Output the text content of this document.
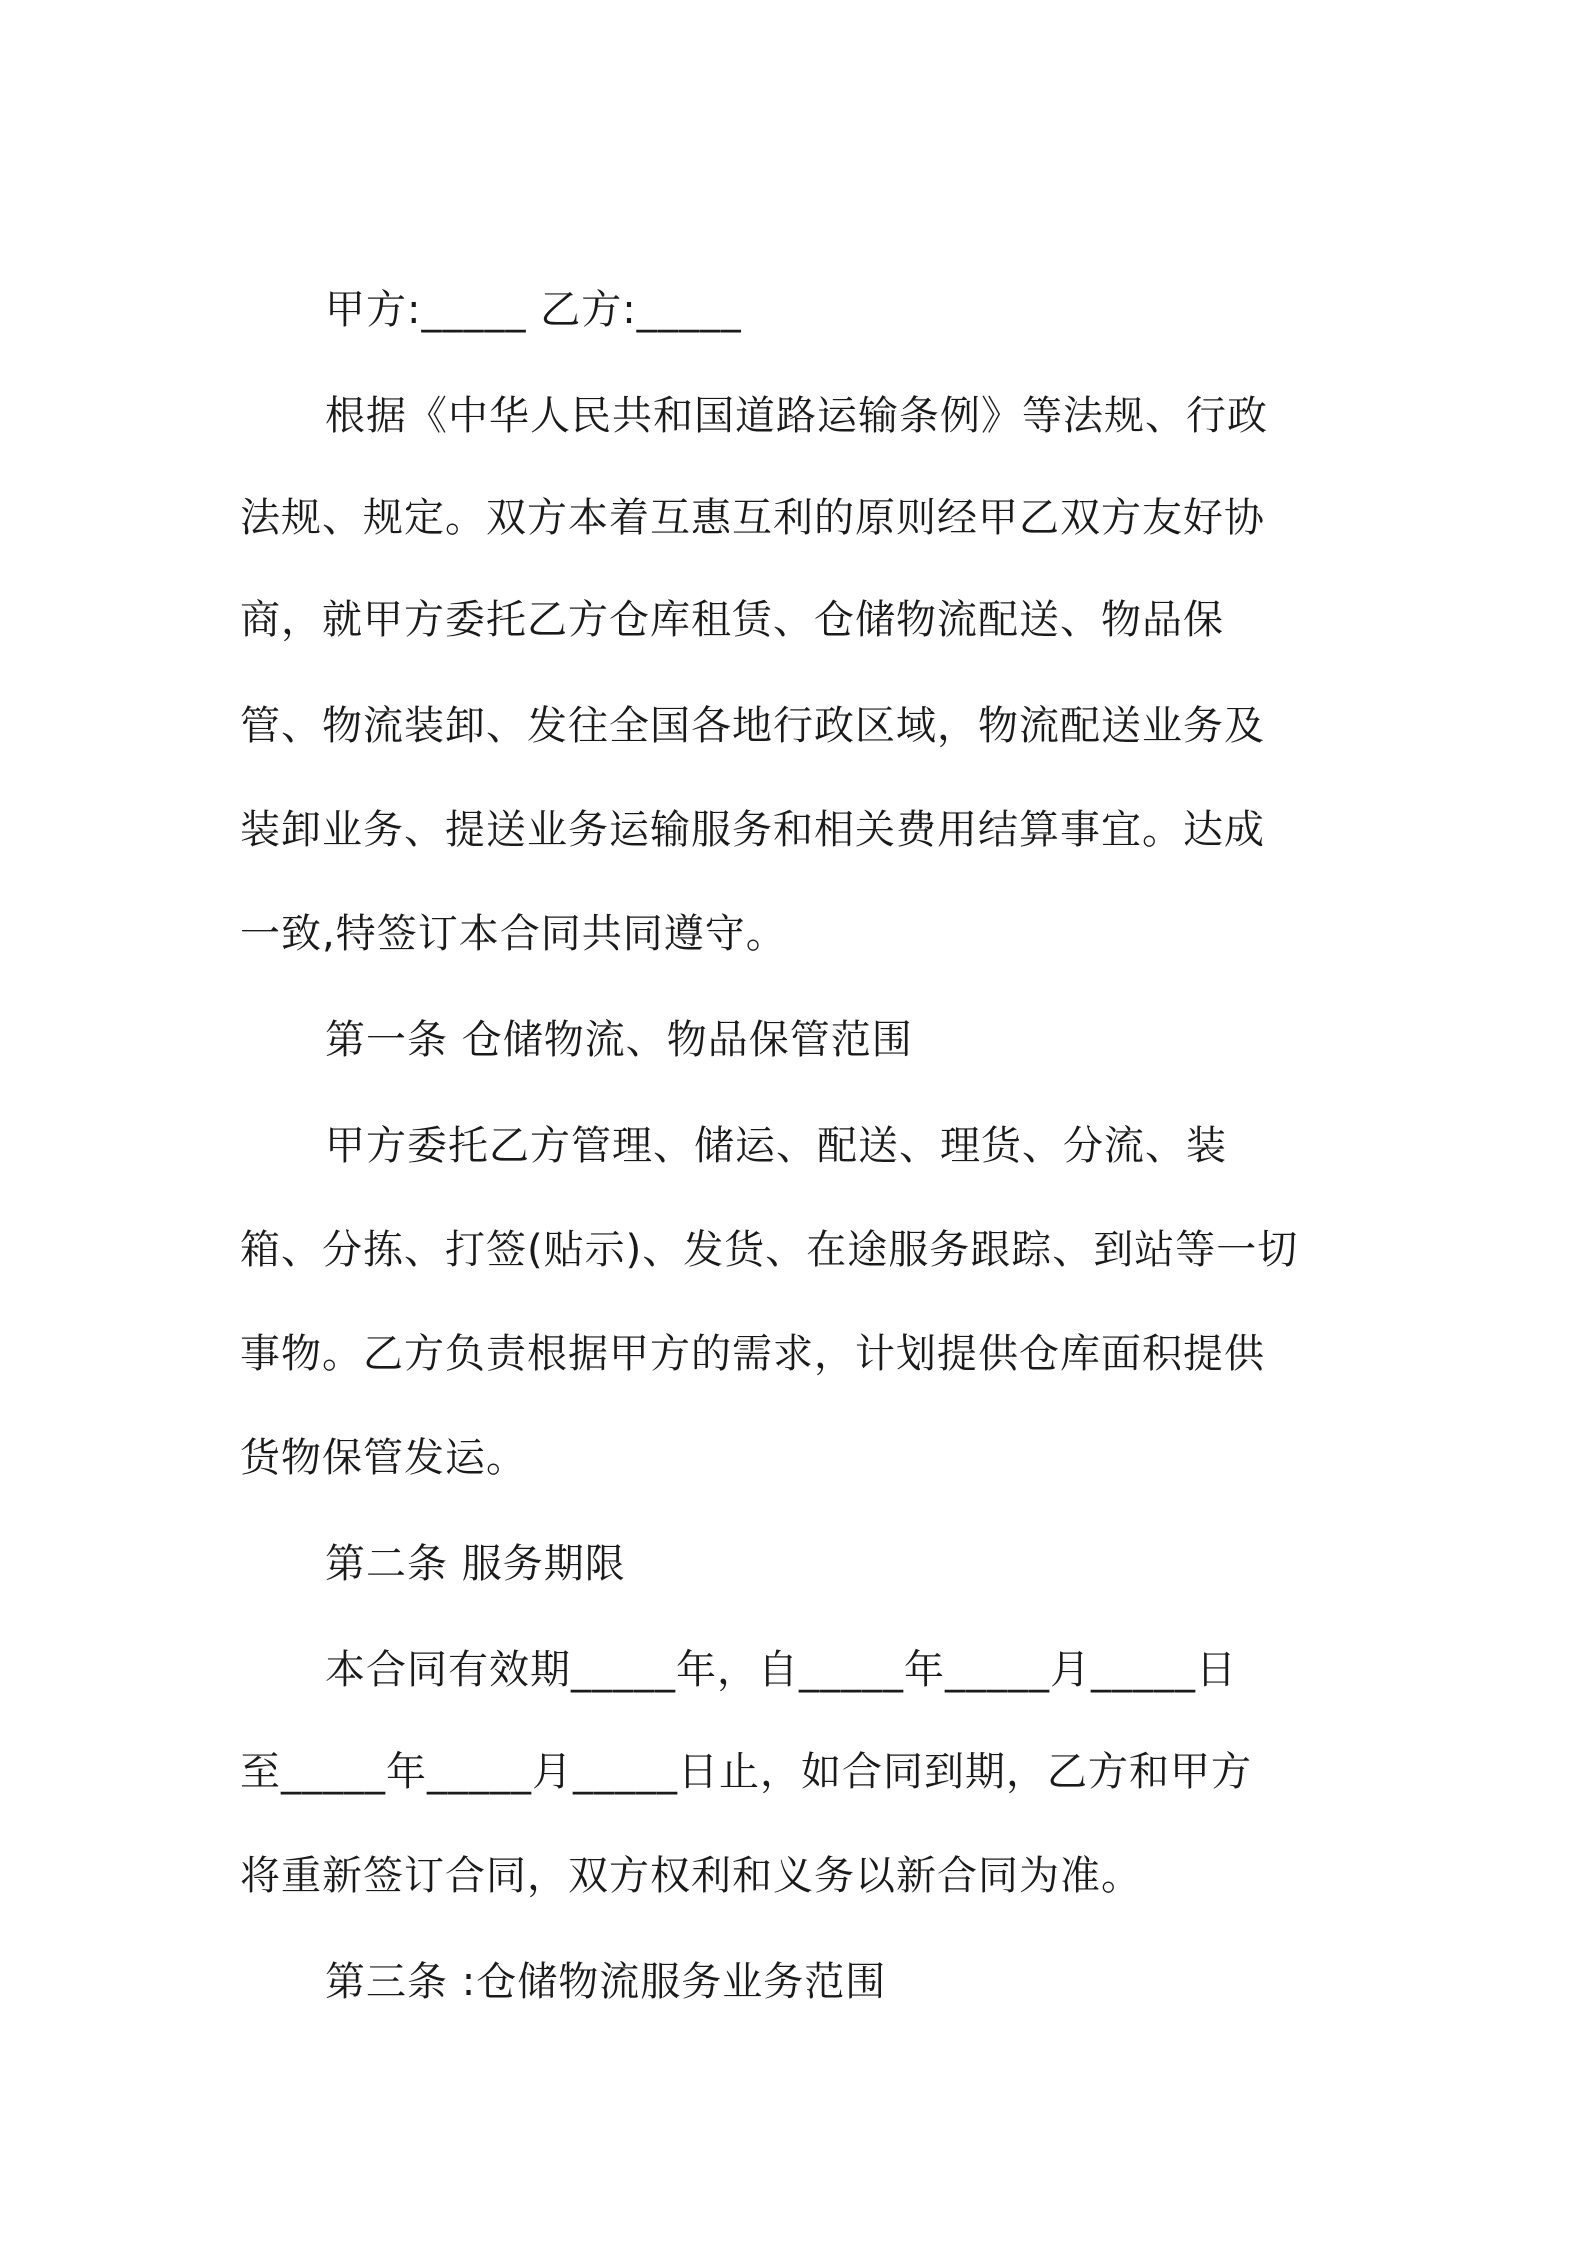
甲方:_____ 乙方:_____
根据《中华人民共和国道路运输条例》等法规、行政
法规、规定。双方本着互惠互利的原则经甲乙双方友好协
商，就甲方委托乙方仓库租赁、仓储物流配送、物品保
管、物流装卸、发往全国各地行政区域，物流配送业务及
装卸业务、提送业务运输服务和相关费用结算事宜。达成
一致,特签订本合同共同遵守。
第一条 仓储物流、物品保管范围
甲方委托乙方管理、储运、配送、理货、分流、装
箱、分拣、打签(贴示)、发货、在途服务跟踪、到站等一切
事物。乙方负责根据甲方的需求，计划提供仓库面积提供
货物保管发运。
第二条 服务期限
本合同有效期_____年，自_____年_____月_____日
至_____年_____月_____日止，如合同到期，乙方和甲方
将重新签订合同，双方权利和义务以新合同为准。
第三条 :仓储物流服务业务范围
